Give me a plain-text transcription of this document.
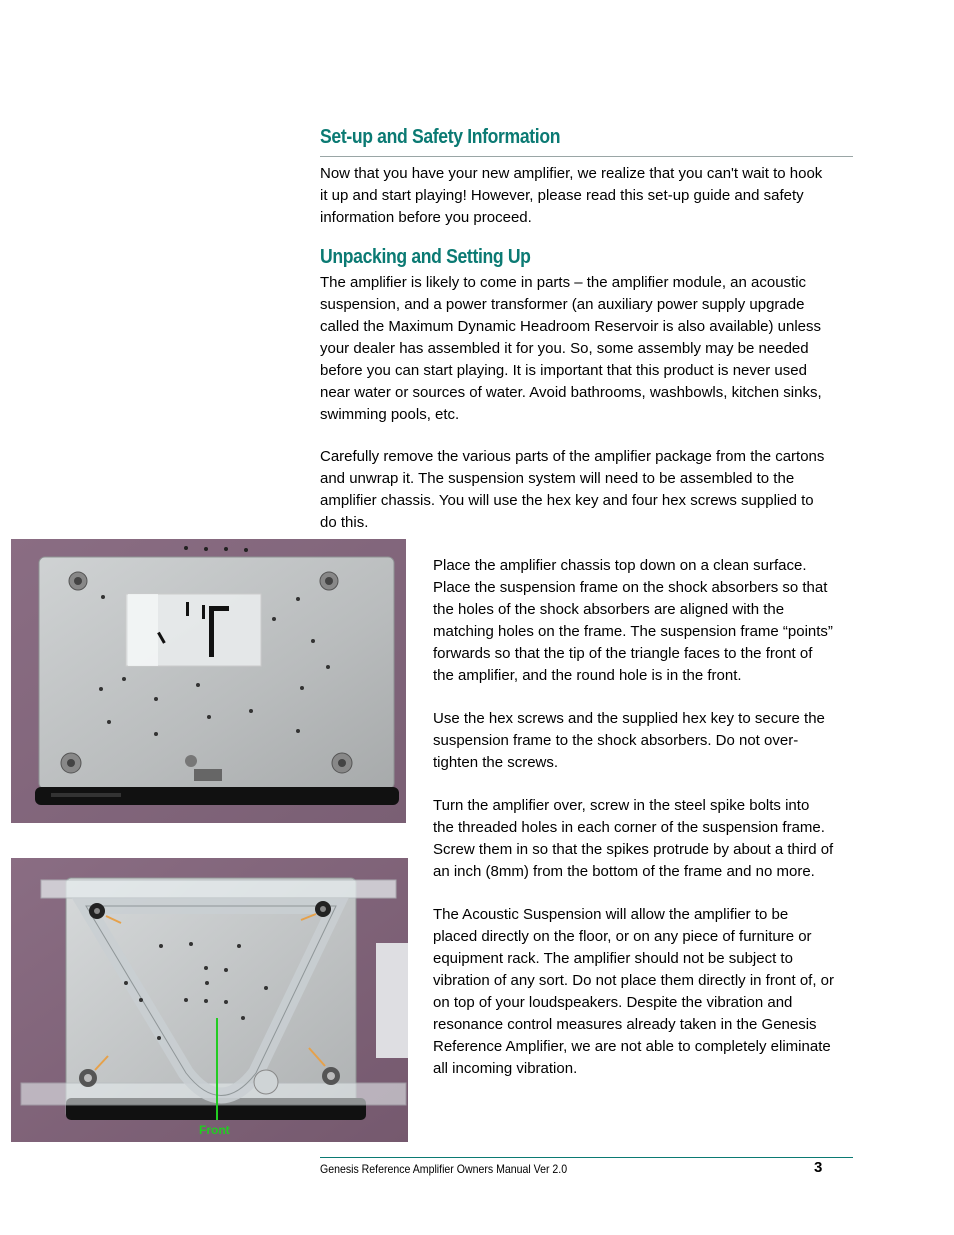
Set-up and Safety Information

Now that you have your new amplifier, we realize that you can't wait to hook
it up and start playing! However, please read this set-up guide and safety
information before you proceed.

Unpacking and Setting Up

The amplifier is likely to come in parts – the amplifier module, an acoustic
suspension, and a power transformer (an auxiliary power supply upgrade
called the Maximum Dynamic Headroom Reservoir is also available) unless
your dealer has assembled it for you. So, some assembly may be needed
before you can start playing. It is important that this product is never used
near water or sources of water. Avoid bathrooms, washbowls, kitchen sinks,
swimming pools, etc.

Carefully remove the various parts of the amplifier package from the cartons
and unwrap it. The suspension system will need to be assembled to the
amplifier chassis. You will use the hex key and four hex screws supplied to
do this.

Front

Place the amplifier chassis top down on a clean surface.
Place the suspension frame on the shock absorbers so that
the holes of the shock absorbers are aligned with the
matching holes on the frame. The suspension frame “points”
forwards so that the tip of the triangle faces to the front of
the amplifier, and the round hole is in the front.

Use the hex screws and the supplied hex key to secure the
suspension frame to the shock absorbers. Do not over-
tighten the screws.

Turn the amplifier over, screw in the steel spike bolts into
the threaded holes in each corner of the suspension frame.
Screw them in so that the spikes protrude by about a third of
an inch (8mm) from the bottom of the frame and no more.

The Acoustic Suspension will allow the amplifier to be
placed directly on the floor, or on any piece of furniture or
equipment rack. The amplifier should not be subject to
vibration of any sort. Do not place them directly in front of, or
on top of your loudspeakers. Despite the vibration and
resonance control measures already taken in the Genesis
Reference Amplifier, we are not able to completely eliminate
all incoming vibration.

Genesis Reference Amplifier Owners Manual Ver 2.0	3
